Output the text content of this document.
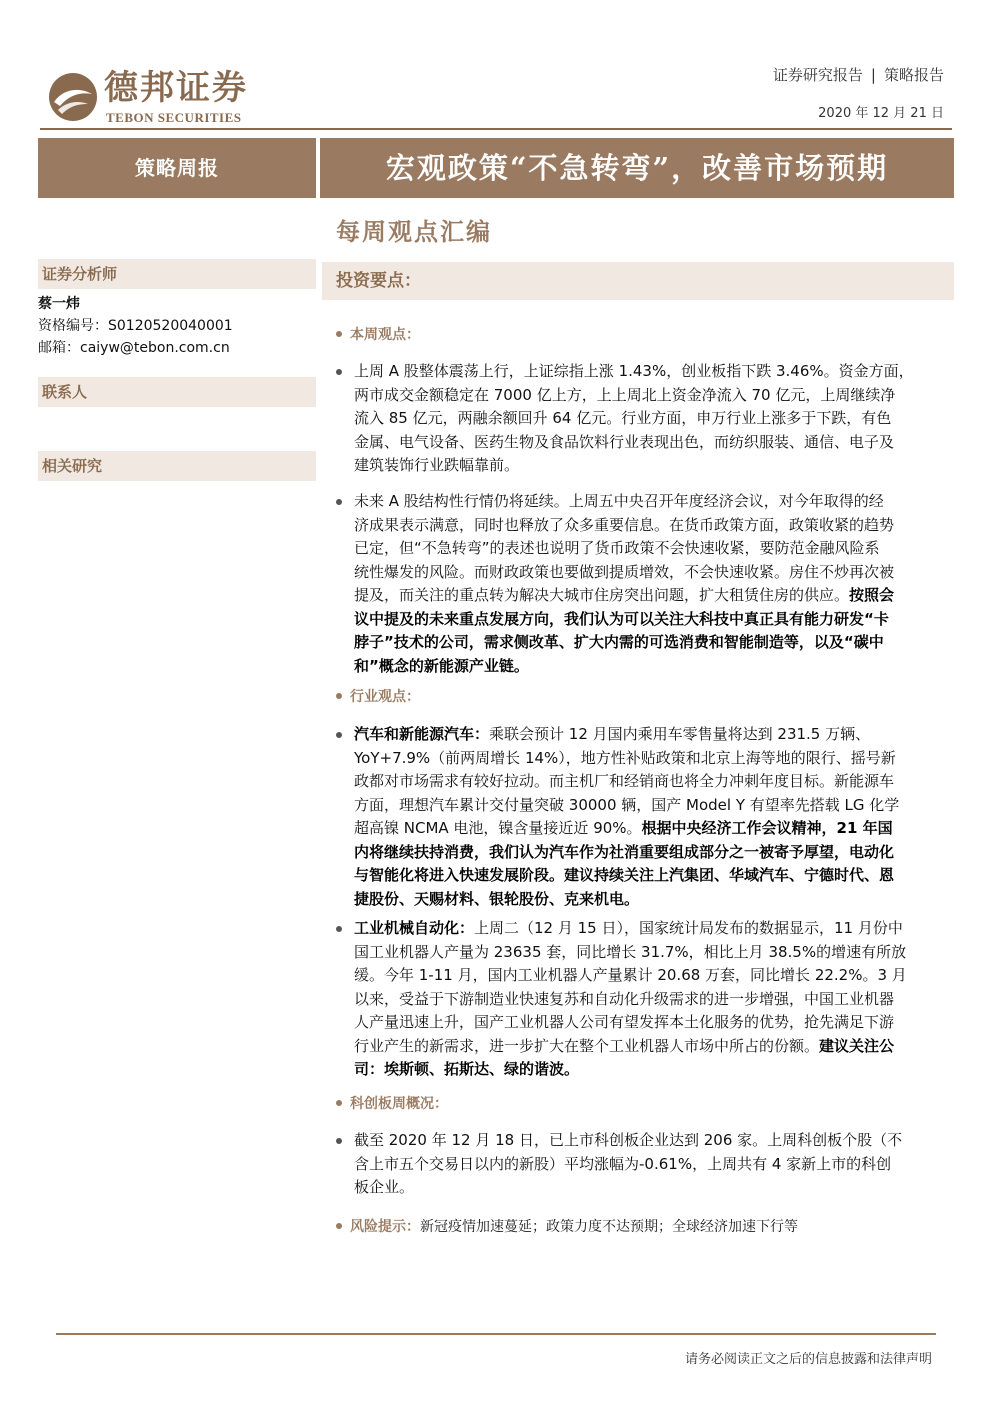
德邦证券
TEBON SECURITIES
证券研究报告 | 策略报告
2020 年 12 月 21 日
策略周报	宏观政策“不急转弯”，改善市场预期
每周观点汇编
证券分析师
蔡一炜
资格编号：S0120520040001
邮箱：caiyw@tebon.com.cn
联系人
相关研究
投资要点：
本周观点：
上周 A 股整体震荡上行，上证综指上涨 1.43%，创业板指下跌 3.46%。资金方面，
两市成交金额稳定在 7000 亿上方，上上周北上资金净流入 70 亿元，上周继续净
流入 85 亿元，两融余额回升 64 亿元。行业方面，申万行业上涨多于下跌，有色
金属、电气设备、医药生物及食品饮料行业表现出色，而纺织服装、通信、电子及
建筑装饰行业跌幅靠前。
未来 A 股结构性行情仍将延续。上周五中央召开年度经济会议，对今年取得的经
济成果表示满意，同时也释放了众多重要信息。在货币政策方面，政策收紧的趋势
已定，但“不急转弯”的表述也说明了货币政策不会快速收紧，要防范金融风险系
统性爆发的风险。而财政政策也要做到提质增效，不会快速收紧。房住不炒再次被
提及，而关注的重点转为解决大城市住房突出问题，扩大租赁住房的供应。按照会
议中提及的未来重点发展方向，我们认为可以关注大科技中真正具有能力研发“卡
脖子”技术的公司，需求侧改革、扩大内需的可选消费和智能制造等，以及“碳中
和”概念的新能源产业链。
行业观点：
汽车和新能源汽车：乘联会预计 12 月国内乘用车零售量将达到 231.5 万辆、
YoY+7.9%（前两周增长 14%），地方性补贴政策和北京上海等地的限行、摇号新
政都对市场需求有较好拉动。而主机厂和经销商也将全力冲刺年度目标。新能源车
方面，理想汽车累计交付量突破 30000 辆，国产 Model Y 有望率先搭载 LG 化学
超高镍 NCMA 电池，镍含量接近近 90%。根据中央经济工作会议精神，21 年国
内将继续扶持消费，我们认为汽车作为社消重要组成部分之一被寄予厚望，电动化
与智能化将进入快速发展阶段。建议持续关注上汽集团、华域汽车、宁德时代、恩
捷股份、天赐材料、银轮股份、克来机电。
工业机械自动化：上周二（12 月 15 日），国家统计局发布的数据显示，11 月份中
国工业机器人产量为 23635 套，同比增长 31.7%，相比上月 38.5%的增速有所放
缓。今年 1-11 月，国内工业机器人产量累计 20.68 万套，同比增长 22.2%。3 月
以来，受益于下游制造业快速复苏和自动化升级需求的进一步增强，中国工业机器
人产量迅速上升，国产工业机器人公司有望发挥本土化服务的优势，抢先满足下游
行业产生的新需求，进一步扩大在整个工业机器人市场中所占的份额。建议关注公
司：埃斯顿、拓斯达、绿的谐波。
科创板周概况：
截至 2020 年 12 月 18 日，已上市科创板企业达到 206 家。上周科创板个股（不
含上市五个交易日以内的新股）平均涨幅为-0.61%，上周共有 4 家新上市的科创
板企业。
风险提示：新冠疫情加速蔓延；政策力度不达预期；全球经济加速下行等
请务必阅读正文之后的信息披露和法律声明
